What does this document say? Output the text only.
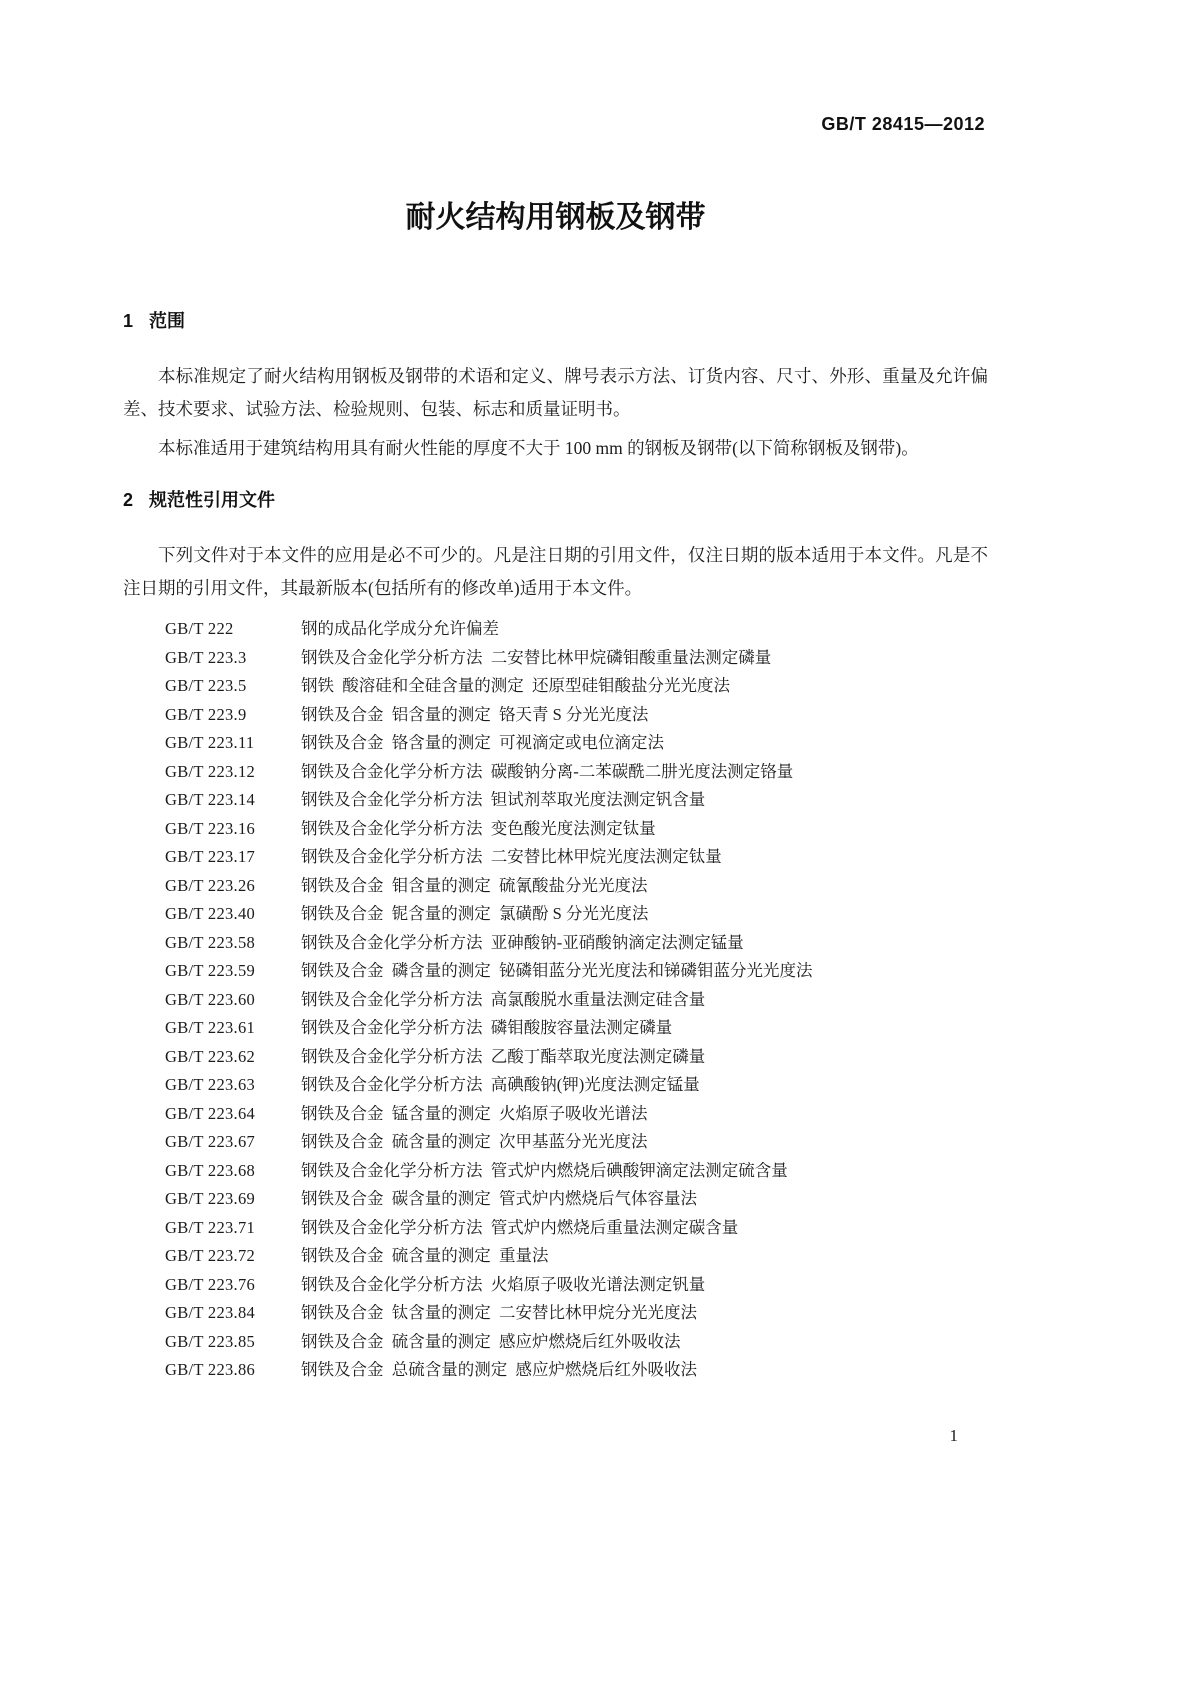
GB/T 28415—2012
耐火结构用钢板及钢带
1 范围

本标准规定了耐火结构用钢板及钢带的术语和定义、牌号表示方法、订货内容、尺寸、外形、重量及允许偏差、技术要求、试验方法、检验规则、包装、标志和质量证明书。

本标准适用于建筑结构用具有耐火性能的厚度不大于 100 mm 的钢板及钢带(以下简称钢板及钢带)。

2 规范性引用文件

下列文件对于本文件的应用是必不可少的。凡是注日期的引用文件，仅注日期的版本适用于本文件。凡是不注日期的引用文件，其最新版本(包括所有的修改单)适用于本文件。

GB/T 222	钢的成品化学成分允许偏差
GB/T 223.3	钢铁及合金化学分析方法  二安替比林甲烷磷钼酸重量法测定磷量
GB/T 223.5	钢铁  酸溶硅和全硅含量的测定  还原型硅钼酸盐分光光度法
GB/T 223.9	钢铁及合金  铝含量的测定  铬天青 S 分光光度法
GB/T 223.11	钢铁及合金  铬含量的测定  可视滴定或电位滴定法
GB/T 223.12	钢铁及合金化学分析方法  碳酸钠分离-二苯碳酰二肼光度法测定铬量
GB/T 223.14	钢铁及合金化学分析方法  钽试剂萃取光度法测定钒含量
GB/T 223.16	钢铁及合金化学分析方法  变色酸光度法测定钛量
GB/T 223.17	钢铁及合金化学分析方法  二安替比林甲烷光度法测定钛量
GB/T 223.26	钢铁及合金  钼含量的测定  硫氰酸盐分光光度法
GB/T 223.40	钢铁及合金  铌含量的测定  氯磺酚 S 分光光度法
GB/T 223.58	钢铁及合金化学分析方法  亚砷酸钠-亚硝酸钠滴定法测定锰量
GB/T 223.59	钢铁及合金  磷含量的测定  铋磷钼蓝分光光度法和锑磷钼蓝分光光度法
GB/T 223.60	钢铁及合金化学分析方法  高氯酸脱水重量法测定硅含量
GB/T 223.61	钢铁及合金化学分析方法  磷钼酸胺容量法测定磷量
GB/T 223.62	钢铁及合金化学分析方法  乙酸丁酯萃取光度法测定磷量
GB/T 223.63	钢铁及合金化学分析方法  高碘酸钠(钾)光度法测定锰量
GB/T 223.64	钢铁及合金  锰含量的测定  火焰原子吸收光谱法
GB/T 223.67	钢铁及合金  硫含量的测定  次甲基蓝分光光度法
GB/T 223.68	钢铁及合金化学分析方法  管式炉内燃烧后碘酸钾滴定法测定硫含量
GB/T 223.69	钢铁及合金  碳含量的测定  管式炉内燃烧后气体容量法
GB/T 223.71	钢铁及合金化学分析方法  管式炉内燃烧后重量法测定碳含量
GB/T 223.72	钢铁及合金  硫含量的测定  重量法
GB/T 223.76	钢铁及合金化学分析方法  火焰原子吸收光谱法测定钒量
GB/T 223.84	钢铁及合金  钛含量的测定  二安替比林甲烷分光光度法
GB/T 223.85	钢铁及合金  硫含量的测定  感应炉燃烧后红外吸收法
GB/T 223.86	钢铁及合金  总硫含量的测定  感应炉燃烧后红外吸收法
1
